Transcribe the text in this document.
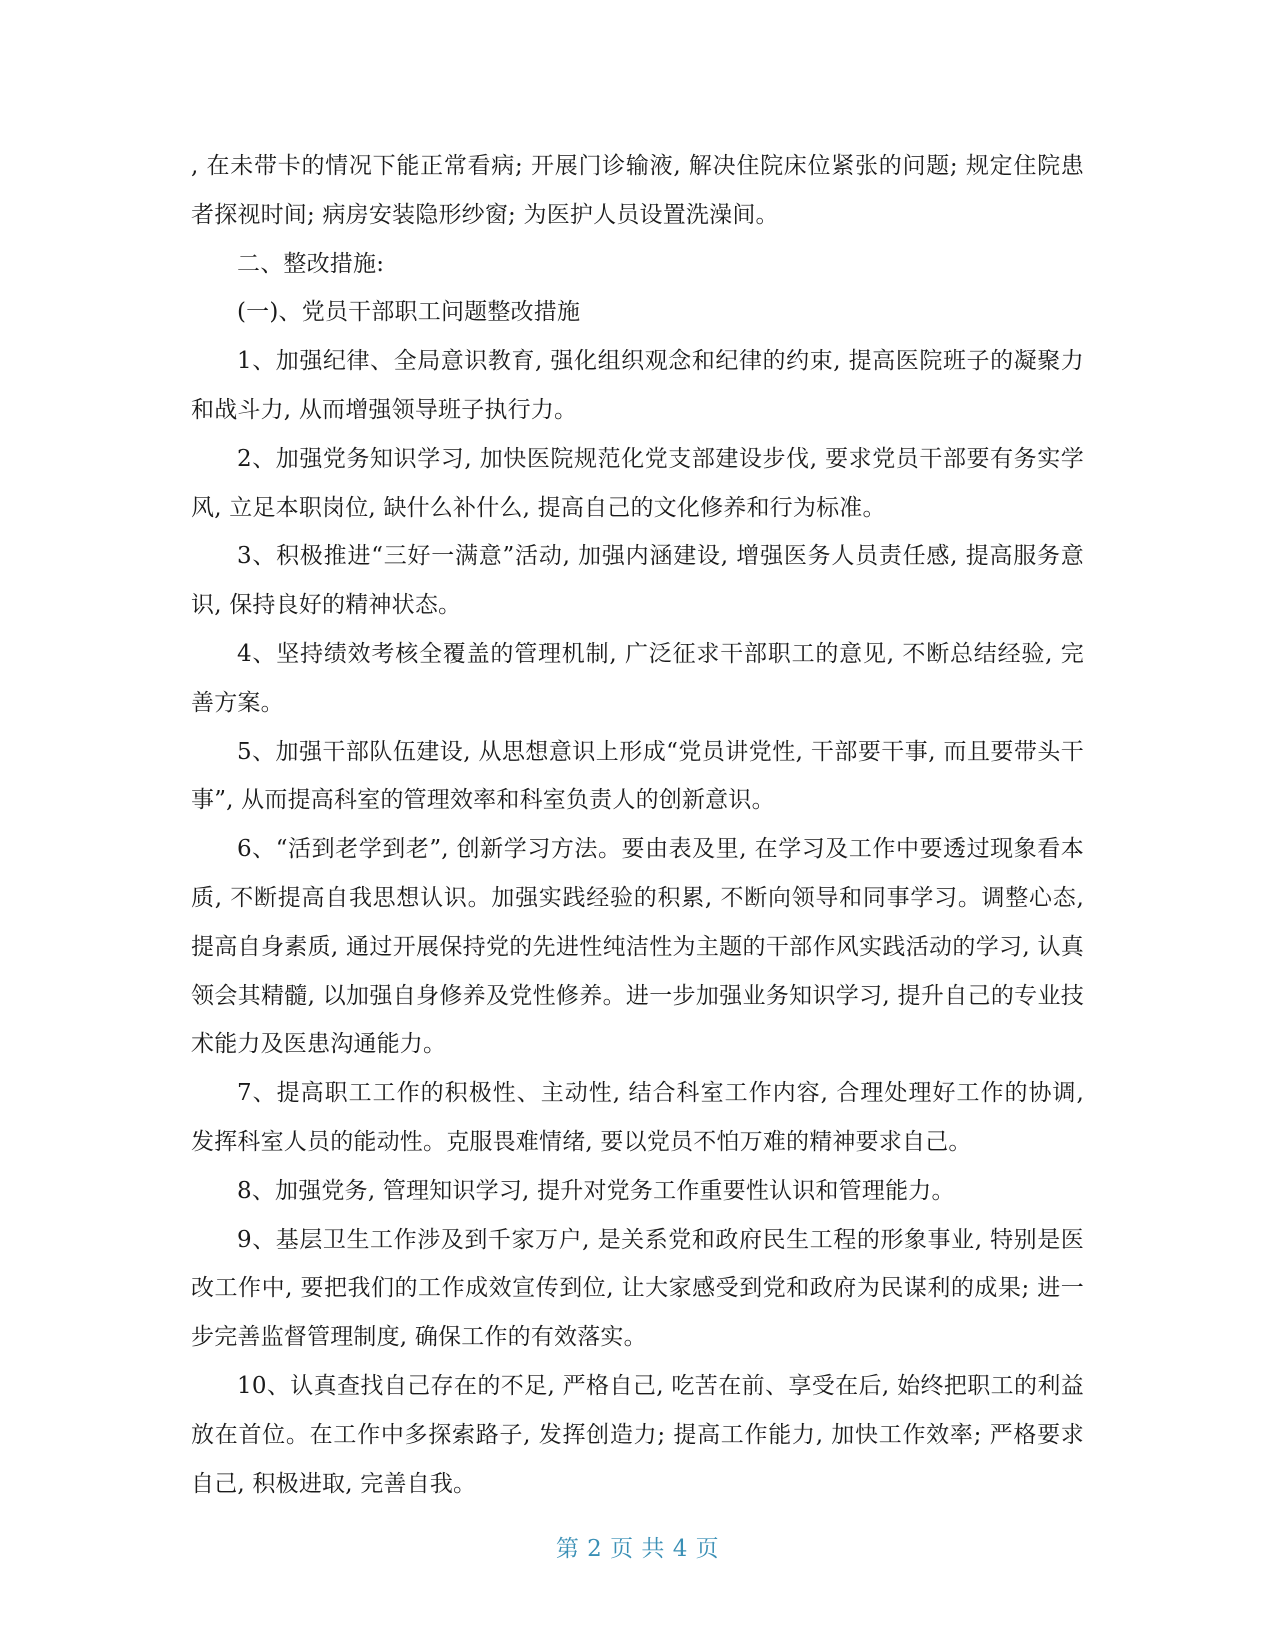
, 在未带卡的情况下能正常看病; 开展门诊输液, 解决住院床位紧张的问题; 规定住院患者探视时间; 病房安装隐形纱窗; 为医护人员设置洗澡间。

二、整改措施:

(一)、党员干部职工问题整改措施

1、加强纪律、全局意识教育, 强化组织观念和纪律的约束, 提高医院班子的凝聚力和战斗力, 从而增强领导班子执行力。

2、加强党务知识学习, 加快医院规范化党支部建设步伐, 要求党员干部要有务实学风, 立足本职岗位, 缺什么补什么, 提高自己的文化修养和行为标准。

3、积极推进“三好一满意”活动, 加强内涵建设, 增强医务人员责任感, 提高服务意识, 保持良好的精神状态。

4、坚持绩效考核全覆盖的管理机制, 广泛征求干部职工的意见, 不断总结经验, 完善方案。

5、加强干部队伍建设, 从思想意识上形成“党员讲党性, 干部要干事, 而且要带头干事”, 从而提高科室的管理效率和科室负责人的创新意识。

6、“活到老学到老”, 创新学习方法。要由表及里, 在学习及工作中要透过现象看本质, 不断提高自我思想认识。加强实践经验的积累, 不断向领导和同事学习。调整心态, 提高自身素质, 通过开展保持党的先进性纯洁性为主题的干部作风实践活动的学习, 认真领会其精髓, 以加强自身修养及党性修养。进一步加强业务知识学习, 提升自己的专业技术能力及医患沟通能力。

7、提高职工工作的积极性、主动性, 结合科室工作内容, 合理处理好工作的协调, 发挥科室人员的能动性。克服畏难情绪, 要以党员不怕万难的精神要求自己。

8、加强党务, 管理知识学习, 提升对党务工作重要性认识和管理能力。

9、基层卫生工作涉及到千家万户, 是关系党和政府民生工程的形象事业, 特别是医改工作中, 要把我们的工作成效宣传到位, 让大家感受到党和政府为民谋利的成果; 进一步完善监督管理制度, 确保工作的有效落实。

10、认真查找自己存在的不足, 严格自己, 吃苦在前、享受在后, 始终把职工的利益放在首位。在工作中多探索路子, 发挥创造力; 提高工作能力, 加快工作效率; 严格要求自己, 积极进取, 完善自我。

第 2 页 共 4 页
